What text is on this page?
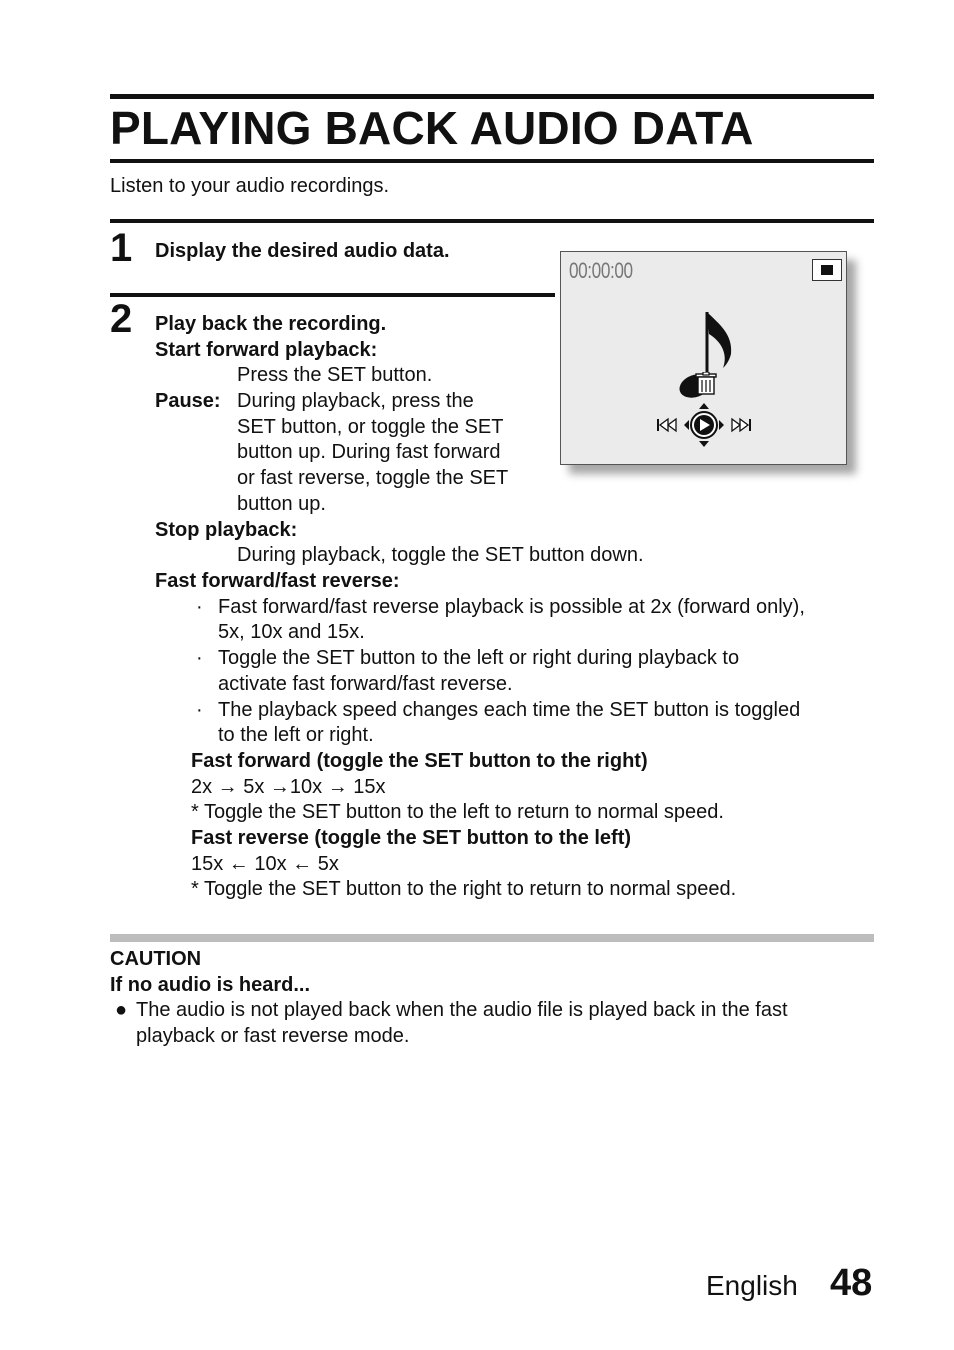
PLAYING BACK AUDIO DATA
Listen to your audio recordings.
1 Display the desired audio data.
00:00:00
2 Play back the recording.
Start forward playback:
Press the SET button.
Pause: During playback, press the
SET button, or toggle the SET
button up. During fast forward
or fast reverse, toggle the SET
button up.
Stop playback:
During playback, toggle the SET button down.
Fast forward/fast reverse:
· Fast forward/fast reverse playback is possible at 2x (forward only),
5x, 10x and 15x.
· Toggle the SET button to the left or right during playback to
activate fast forward/fast reverse.
· The playback speed changes each time the SET button is toggled
to the left or right.
Fast forward (toggle the SET button to the right)
2x → 5x →10x → 15x
* Toggle the SET button to the left to return to normal speed.
Fast reverse (toggle the SET button to the left)
15x ← 10x ← 5x
* Toggle the SET button to the right to return to normal speed.
CAUTION
If no audio is heard...
● The audio is not played back when the audio file is played back in the fast
playback or fast reverse mode.
English 48
